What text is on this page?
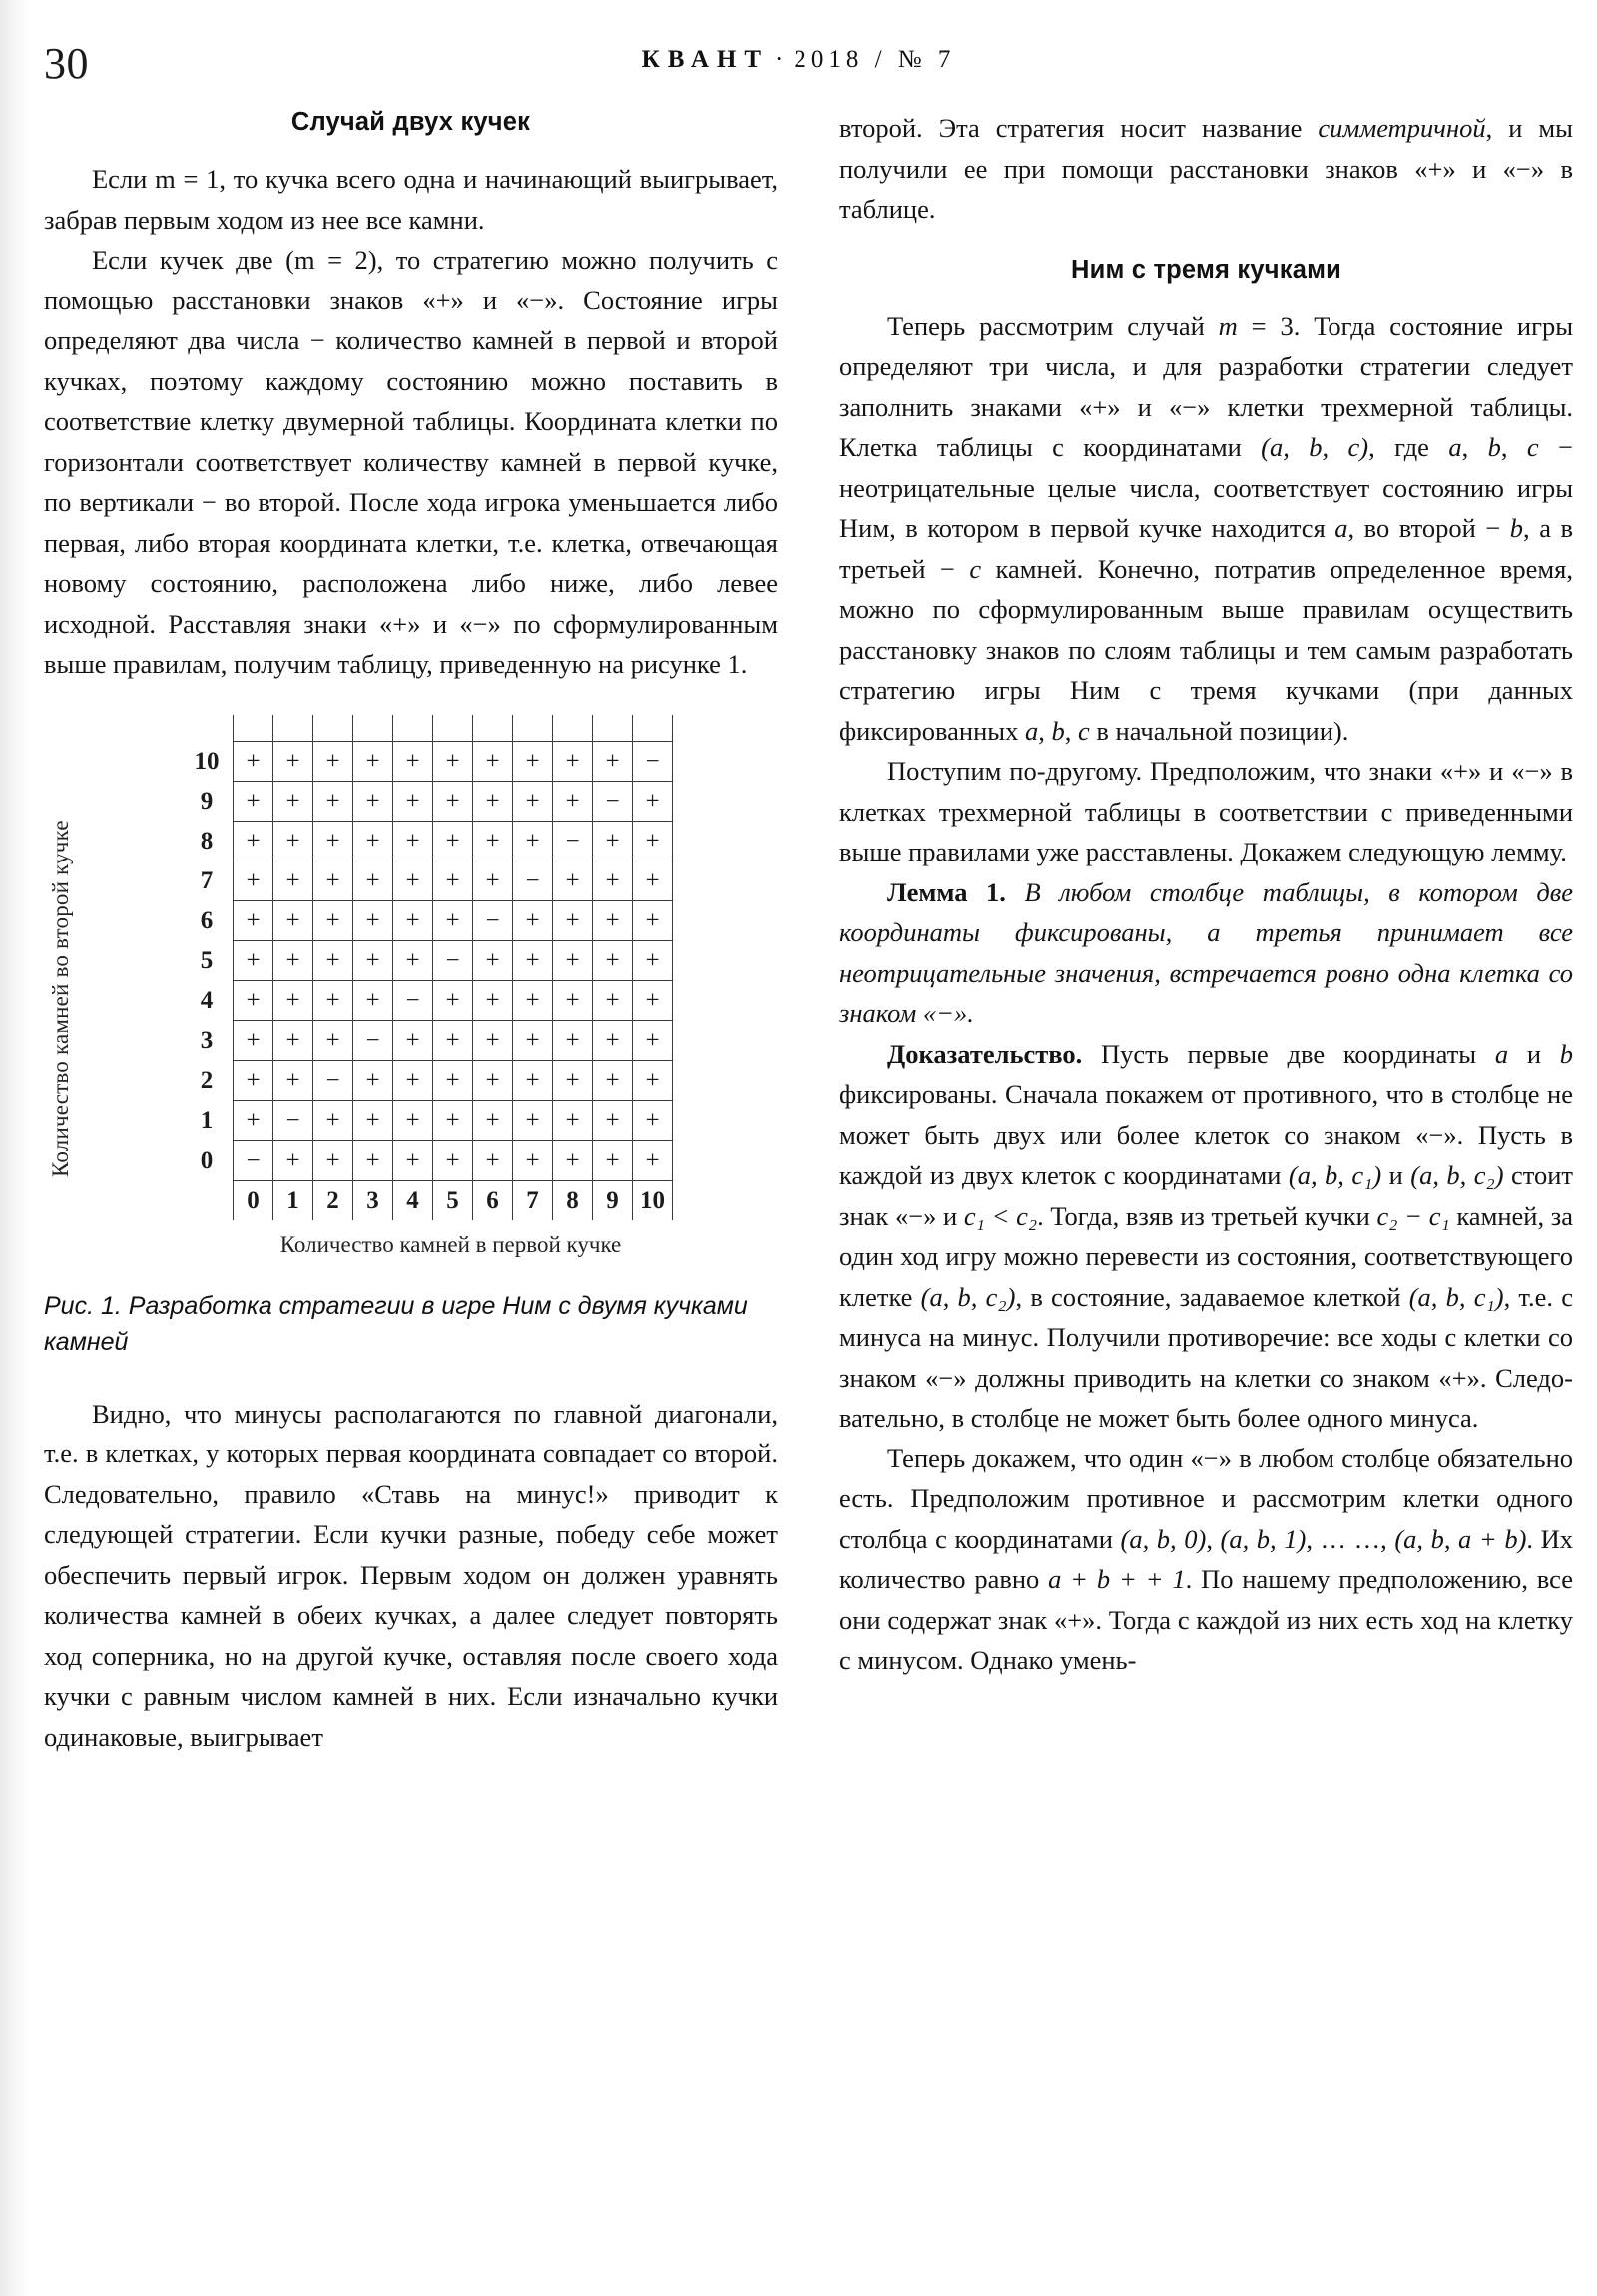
30	КВАНТ · 2018 / № 7
Случай двух кучек

Если m = 1, то кучка всего одна и начинающий выигрывает, забрав первым ходом из нее все камни.

Если кучек две (m = 2), то стратегию можно получить с помощью расстановки знаков «+» и «−». Состояние игры определяют два числа − количество камней в первой и второй кучках, поэтому каждому состоянию можно поставить в соответствие клетку двумерной таблицы. Координата клетки по горизонтали соответствует количеству камней в первой кучке, по вертикали − во второй. После хода игрока уменьшается либо первая, либо вторая координата клетки, т.е. клетка, отвечающая новому состоянию, расположена либо ниже, либо левее исходной. Расставляя знаки «+» и «−» по сформулированным выше правилам, получим таблицу, приведенную на рисунке 1.

Количество камней во второй кучке

10	+	+	+	+	+	+	+	+	+	+	−
9	+	+	+	+	+	+	+	+	+	−	+
8	+	+	+	+	+	+	+	+	−	+	+
7	+	+	+	+	+	+	+	−	+	+	+
6	+	+	+	+	+	+	−	+	+	+	+
5	+	+	+	+	+	−	+	+	+	+	+
4	+	+	+	+	−	+	+	+	+	+	+
3	+	+	+	−	+	+	+	+	+	+	+
2	+	+	−	+	+	+	+	+	+	+	+
1	+	−	+	+	+	+	+	+	+	+	+
0	−	+	+	+	+	+	+	+	+	+	+
	0	1	2	3	4	5	6	7	8	9	10
Количество камней в первой кучке
Рис. 1. Разработка стратегии в игре Ним с двумя кучками камней

Видно, что минусы располагаются по главной диагонали, т.е. в клетках, у которых первая координата совпадает со второй. Следовательно, правило «Ставь на минус!» приводит к следующей стратегии. Если кучки разные, победу себе может обеспечить первый игрок. Первым ходом он должен уравнять количества камней в обеих кучках, а далее следует повторять ход соперника, но на другой кучке, оставляя после своего хода кучки с равным числом камней в них. Если изначально кучки одинаковые, выигрывает

второй. Эта стратегия носит название симметричной, и мы получили ее при помощи расстановки знаков «+» и «−» в таблице.

Ним с тремя кучками

Теперь рассмотрим случай m = 3. Тогда состояние игры определяют три числа, и для разработки стратегии следует заполнить знаками «+» и «−» клетки трехмерной таблицы. Клетка таблицы с координатами (a, b, c), где a, b, c − неотрицательные целые числа, соответствует состоянию игры Ним, в котором в первой кучке находится a, во второй − b, а в третьей − c камней. Конечно, потратив определенное время, можно по сформулированным выше правилам осуществить расстановку знаков по слоям таблицы и тем самым разработать стратегию игры Ним с тремя кучками (при данных фиксированных a, b, c в начальной позиции).

Поступим по-другому. Предположим, что знаки «+» и «−» в клетках трехмерной таблицы в соответствии с приведенными выше правилами уже расставлены. Докажем следующую лемму.

Лемма 1. В любом столбце таблицы, в котором две координаты фиксированы, а третья принимает все неотрицательные значения, встречается ровно одна клетка со знаком «−».

Доказательство. Пусть первые две координаты a и b фиксированы. Сначала покажем от противного, что в столбце не может быть двух или более клеток со знаком «−». Пусть в каждой из двух клеток с координатами (a, b, c₁) и (a, b, c₂) стоит знак «−» и c₁ < c₂. Тогда, взяв из третьей кучки c₂ − c₁ камней, за один ход игру можно перевести из состояния, соответствующего клетке (a, b, c₂), в состояние, задаваемое клеткой (a, b, c₁), т.е. с минуса на минус. Получили противоречие: все ходы с клетки со знаком «−» должны приводить на клетки со знаком «+». Следовательно, в столбце не может быть более одного минуса.

Теперь докажем, что один «−» в любом столбце обязательно есть. Предположим противное и рассмотрим клетки одного столбца с координатами (a, b, 0), (a, b, 1), … …, (a, b, a + b). Их количество равно a + b + + 1. По нашему предположению, все они содержат знак «+». Тогда с каждой из них есть ход на клетку с минусом. Однако умень-
